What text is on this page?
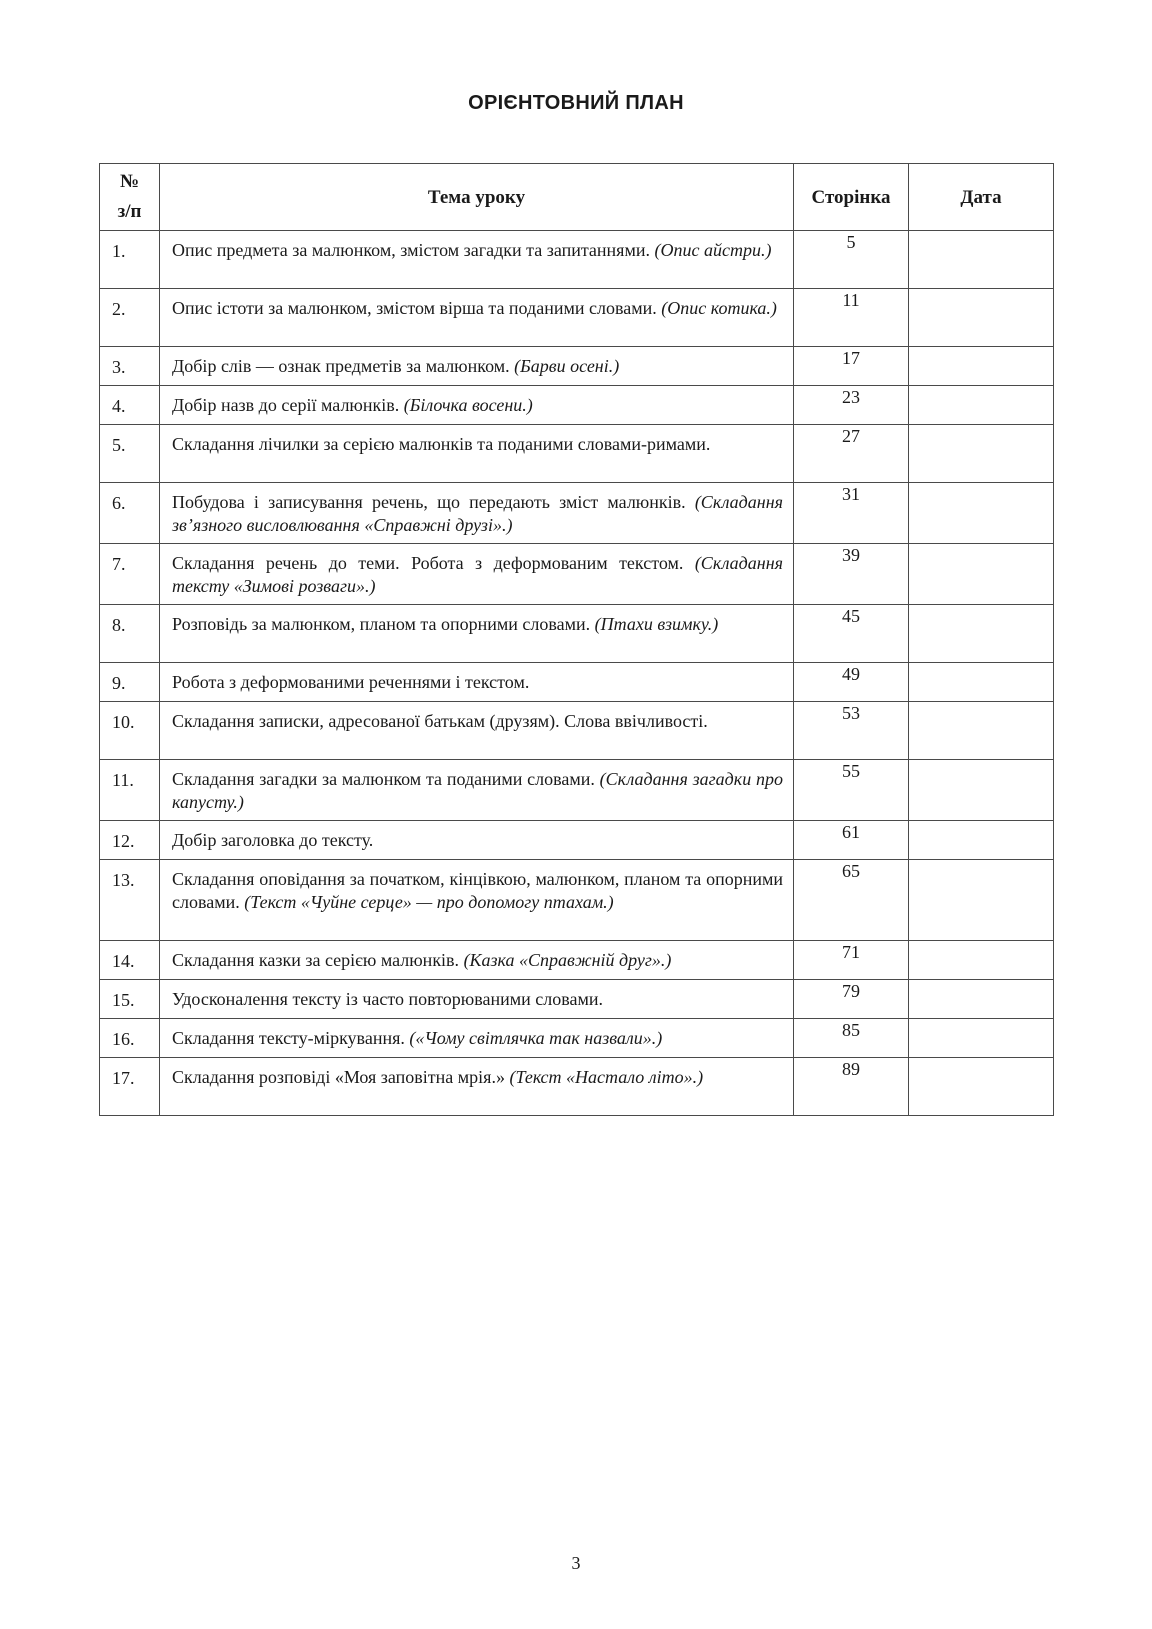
ОРІЄНТОВНИЙ ПЛАН
№
з/п	Тема уроку	Сторінка	Дата
1.	Опис предмета за малюнком, змістом загадки та запитаннями. (Опис айстри.)	5	
2.	Опис істоти за малюнком, змістом вірша та поданими словами. (Опис котика.)	11	
3.	Добір слів — ознак предметів за малюнком. (Барви осені.)	17	
4.	Добір назв до серії малюнків. (Білочка восени.)	23	
5.	Складання лічилки за серією малюнків та поданими словами-римами.	27	
6.	Побудова і записування речень, що передають зміст малюнків. (Складання зв’язного висловлювання «Справжні друзі».)	31	
7.	Складання речень до теми. Робота з деформованим текстом. (Складання тексту «Зимові розваги».)	39	
8.	Розповідь за малюнком, планом та опорними словами. (Птахи взимку.)	45	
9.	Робота з деформованими реченнями і текстом.	49	
10.	Складання записки, адресованої батькам (друзям). Слова ввічливості.	53	
11.	Складання загадки за малюнком та поданими словами. (Складання загадки про капусту.)	55	
12.	Добір заголовка до тексту.	61	
13.	Складання оповідання за початком, кінцівкою, малюнком, планом та опорними словами. (Текст «Чуйне серце» — про допомогу птахам.)	65	
14.	Складання казки за серією малюнків. (Казка «Справжній друг».)	71	
15.	Удосконалення тексту із часто повторюваними словами.	79	
16.	Складання тексту-міркування. («Чому світлячка так назвали».)	85	
17.	Складання розповіді «Моя заповітна мрія.» (Текст «Настало літо».)	89	
3
